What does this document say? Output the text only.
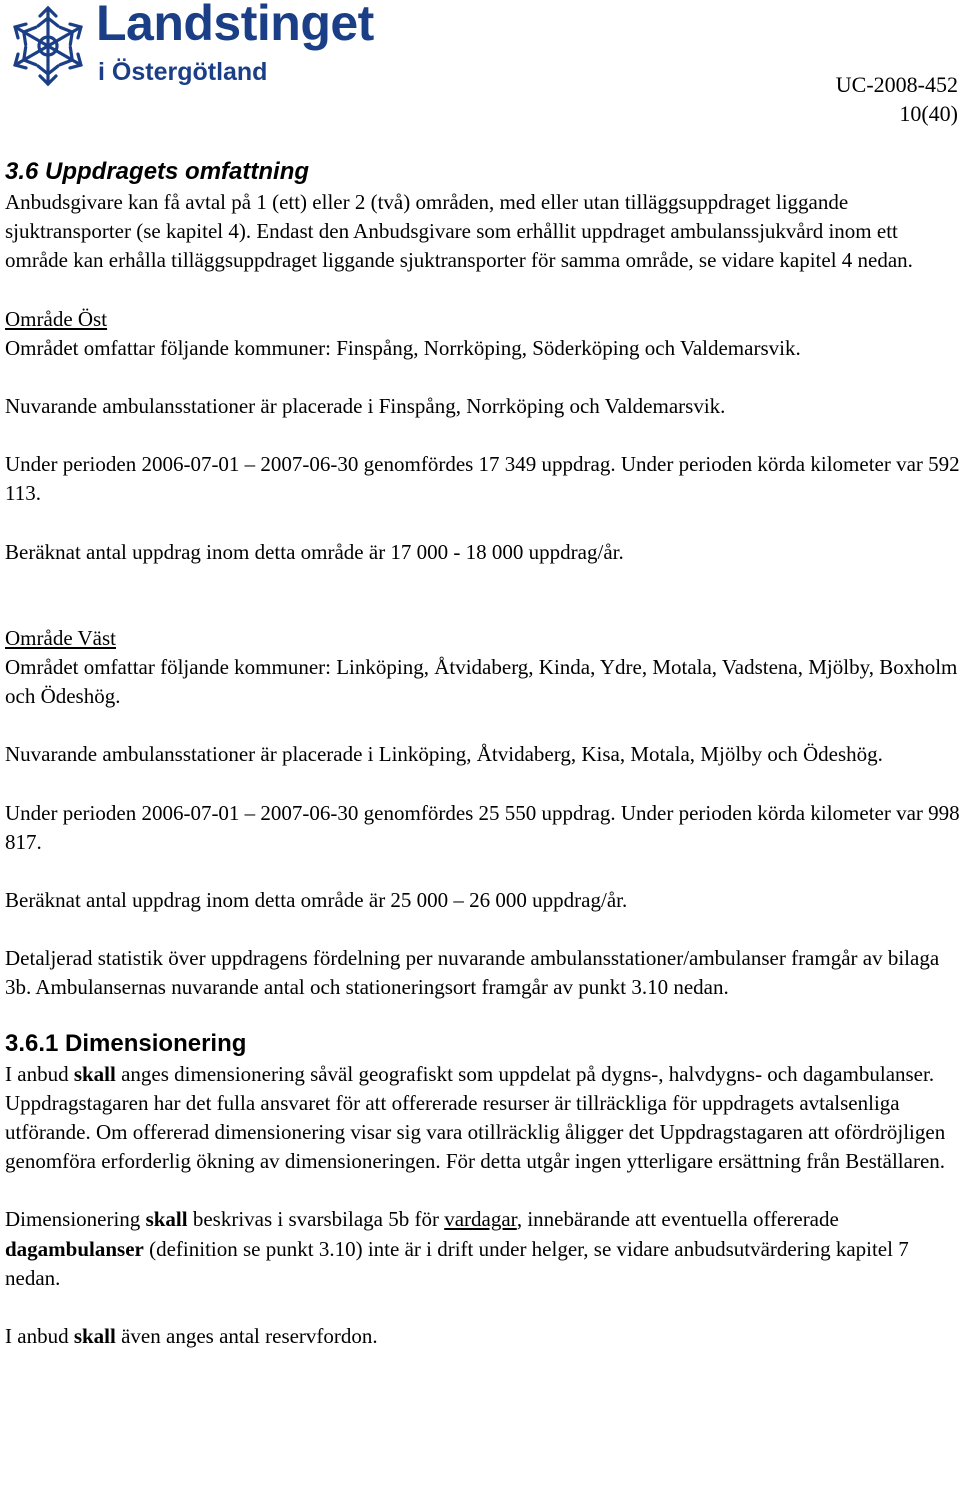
Landstinget
i Östergötland	UC-2008-452
10(40)
3.6 Uppdragets omfattning

Anbudsgivare kan få avtal på 1 (ett) eller 2 (två) områden, med eller utan tilläggsuppdraget liggande sjuktransporter (se kapitel 4). Endast den Anbudsgivare som erhållit uppdraget ambulanssjukvård inom ett område kan erhålla tilläggsuppdraget liggande sjuktransporter för samma område, se vidare kapitel 4 nedan.

Område Öst

Området omfattar följande kommuner: Finspång, Norrköping, Söderköping och Valdemarsvik.

Nuvarande ambulansstationer är placerade i Finspång, Norrköping och Valdemarsvik.

Under perioden 2006-07-01 – 2007-06-30 genomfördes 17 349 uppdrag. Under perioden körda kilometer var 592 113.

Beräknat antal uppdrag inom detta område är 17 000 - 18 000 uppdrag/år.

Område Väst

Området omfattar följande kommuner: Linköping, Åtvidaberg, Kinda, Ydre, Motala, Vadstena, Mjölby, Boxholm och Ödeshög.

Nuvarande ambulansstationer är placerade i Linköping, Åtvidaberg, Kisa, Motala, Mjölby och Ödeshög.

Under perioden 2006-07-01 – 2007-06-30 genomfördes 25 550 uppdrag. Under perioden körda kilometer var 998 817.

Beräknat antal uppdrag inom detta område är 25 000 – 26 000 uppdrag/år.

Detaljerad statistik över uppdragens fördelning per nuvarande ambulansstationer/ambulanser framgår av bilaga 3b. Ambulansernas nuvarande antal och stationeringsort framgår av punkt 3.10 nedan.

3.6.1 Dimensionering

I anbud skall anges dimensionering såväl geografiskt som uppdelat på dygns-, halvdygns- och dagambulanser. Uppdragstagaren har det fulla ansvaret för att offererade resurser är tillräckliga för uppdragets avtalsenliga utförande. Om offererad dimensionering visar sig vara otillräcklig åligger det Uppdragstagaren att ofördröjligen genomföra erforderlig ökning av dimensioneringen. För detta utgår ingen ytterligare ersättning från Beställaren.

Dimensionering skall beskrivas i svarsbilaga 5b för vardagar, innebärande att eventuella offererade dagambulanser (definition se punkt 3.10) inte är i drift under helger, se vidare anbudsutvärdering kapitel 7 nedan.

I anbud skall även anges antal reservfordon.
